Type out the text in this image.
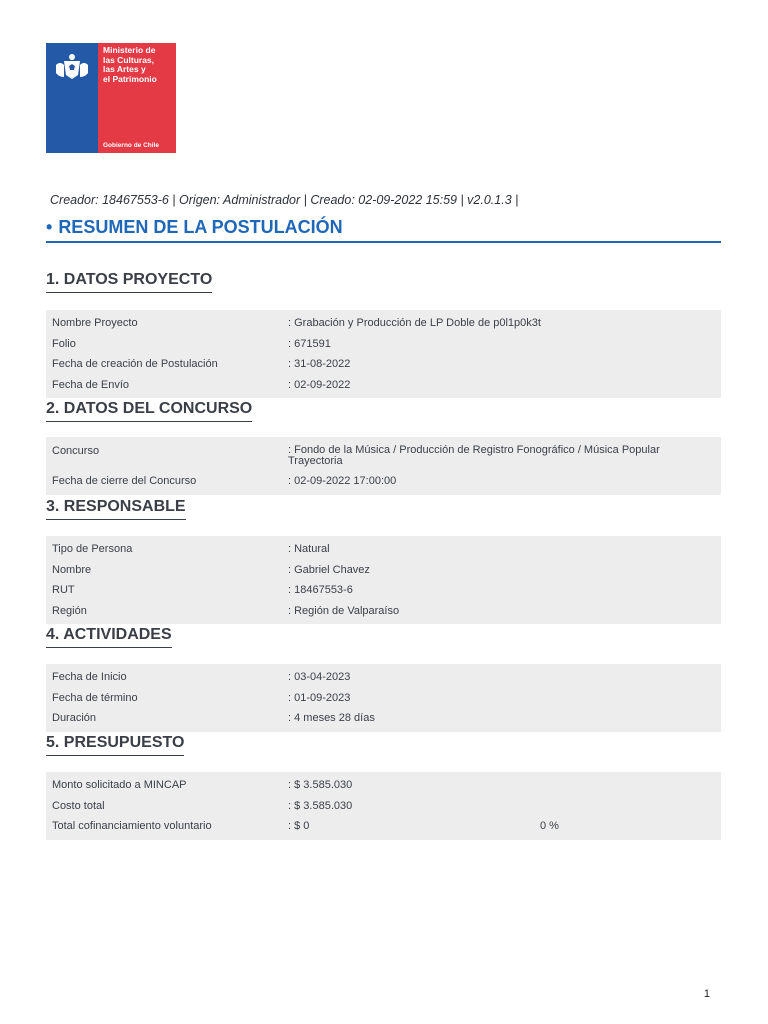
Ministerio de
las Culturas,
las Artes y
el Patrimonio
Gobierno de Chile
Creador: 18467553-6 | Origen: Administrador | Creado: 02-09-2022 15:59 | v2.0.1.3 |
• RESUMEN DE LA POSTULACIÓN
1. DATOS PROYECTO
Nombre Proyecto	: Grabación y Producción de LP Doble de p0l1p0k3t
Folio	: 671591
Fecha de creación de Postulación	: 31-08-2022
Fecha de Envío	: 02-09-2022
2. DATOS DEL CONCURSO
Concurso	: Fondo de la Música / Producción de Registro Fonográfico / Música Popular Trayectoria
Fecha de cierre del Concurso	: 02-09-2022 17:00:00
3. RESPONSABLE
Tipo de Persona	: Natural
Nombre	: Gabriel Chavez
RUT	: 18467553-6
Región	: Región de Valparaíso
4. ACTIVIDADES
Fecha de Inicio	: 03-04-2023
Fecha de término	: 01-09-2023
Duración	: 4 meses 28 días
5. PRESUPUESTO
Monto solicitado a MINCAP	: $ 3.585.030
Costo total	: $ 3.585.030
Total cofinanciamiento voluntario	: $ 0	0 %
1
